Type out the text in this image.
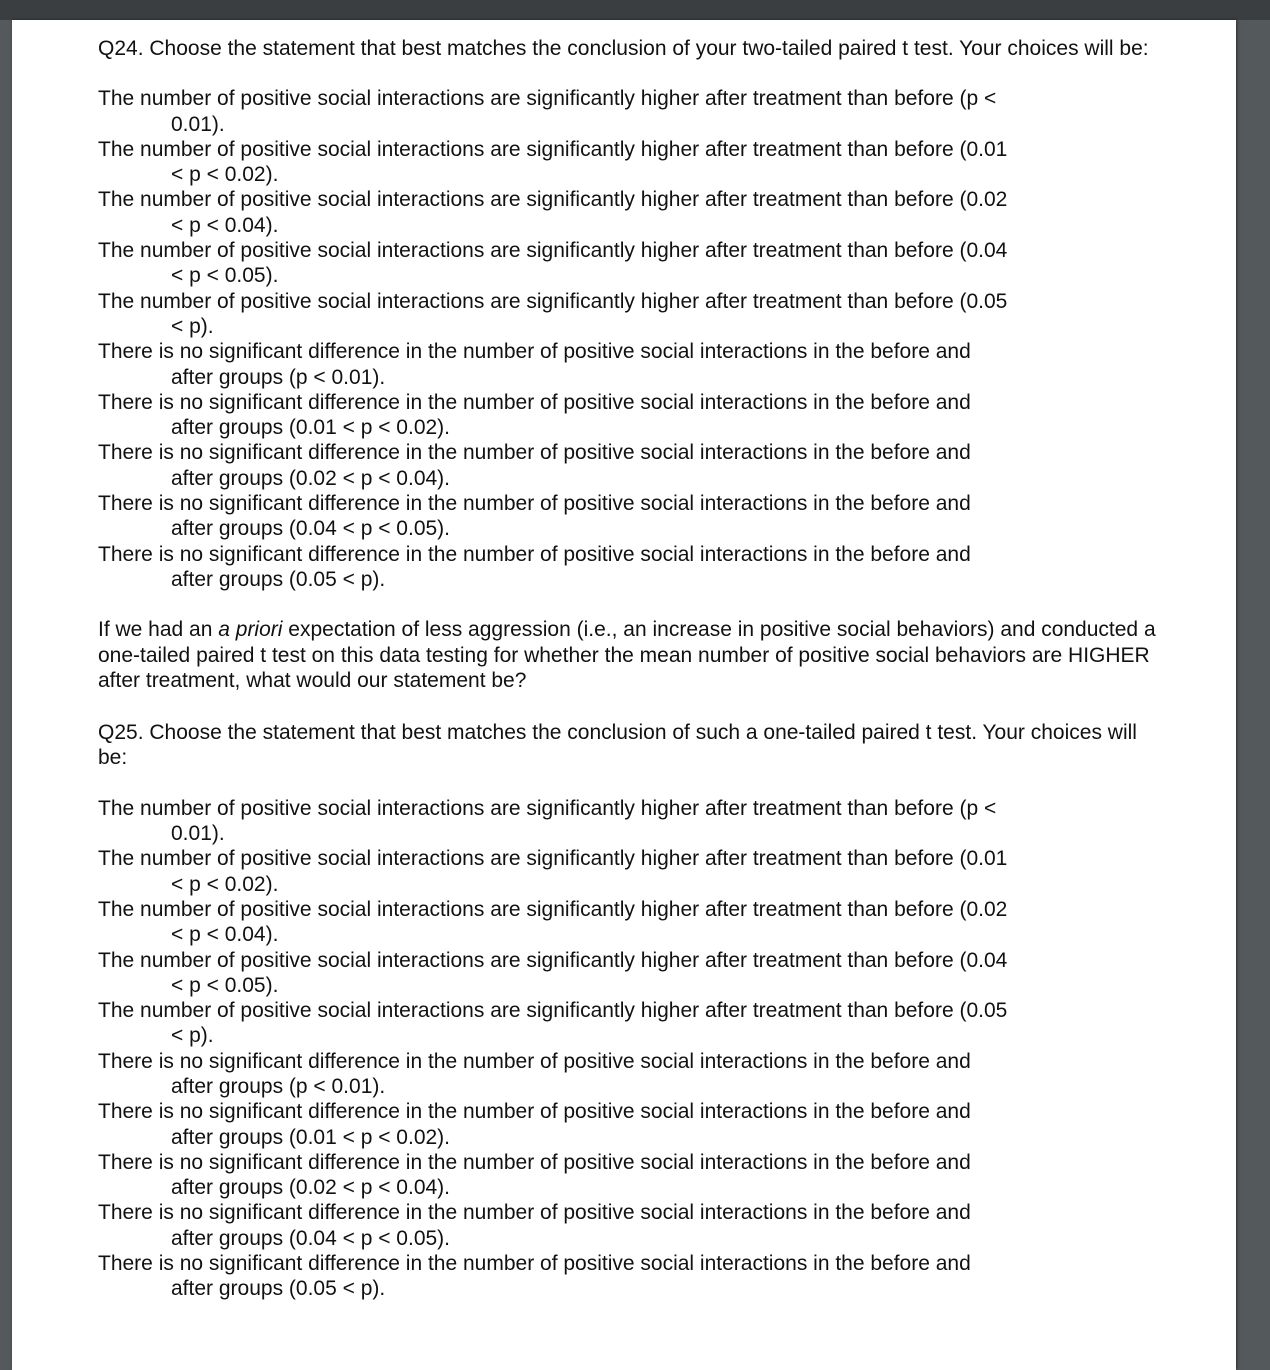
Q24. Choose the statement that best matches the conclusion of your two-tailed paired t test. Your choices will be:

The number of positive social interactions are significantly higher after treatment than before (p < 0.01).
The number of positive social interactions are significantly higher after treatment than before (0.01 < p < 0.02).
The number of positive social interactions are significantly higher after treatment than before (0.02 < p < 0.04).
The number of positive social interactions are significantly higher after treatment than before (0.04 < p < 0.05).
The number of positive social interactions are significantly higher after treatment than before (0.05 < p).
There is no significant difference in the number of positive social interactions in the before and after groups (p < 0.01).
There is no significant difference in the number of positive social interactions in the before and after groups (0.01 < p < 0.02).
There is no significant difference in the number of positive social interactions in the before and after groups (0.02 < p < 0.04).
There is no significant difference in the number of positive social interactions in the before and after groups (0.04 < p < 0.05).
There is no significant difference in the number of positive social interactions in the before and after groups (0.05 < p).

If we had an a priori expectation of less aggression (i.e., an increase in positive social behaviors) and conducted a one-tailed paired t test on this data testing for whether the mean number of positive social behaviors are HIGHER after treatment, what would our statement be?

Q25. Choose the statement that best matches the conclusion of such a one-tailed paired t test. Your choices will be:

The number of positive social interactions are significantly higher after treatment than before (p < 0.01).
The number of positive social interactions are significantly higher after treatment than before (0.01 < p < 0.02).
The number of positive social interactions are significantly higher after treatment than before (0.02 < p < 0.04).
The number of positive social interactions are significantly higher after treatment than before (0.04 < p < 0.05).
The number of positive social interactions are significantly higher after treatment than before (0.05 < p).
There is no significant difference in the number of positive social interactions in the before and after groups (p < 0.01).
There is no significant difference in the number of positive social interactions in the before and after groups (0.01 < p < 0.02).
There is no significant difference in the number of positive social interactions in the before and after groups (0.02 < p < 0.04).
There is no significant difference in the number of positive social interactions in the before and after groups (0.04 < p < 0.05).
There is no significant difference in the number of positive social interactions in the before and after groups (0.05 < p).
